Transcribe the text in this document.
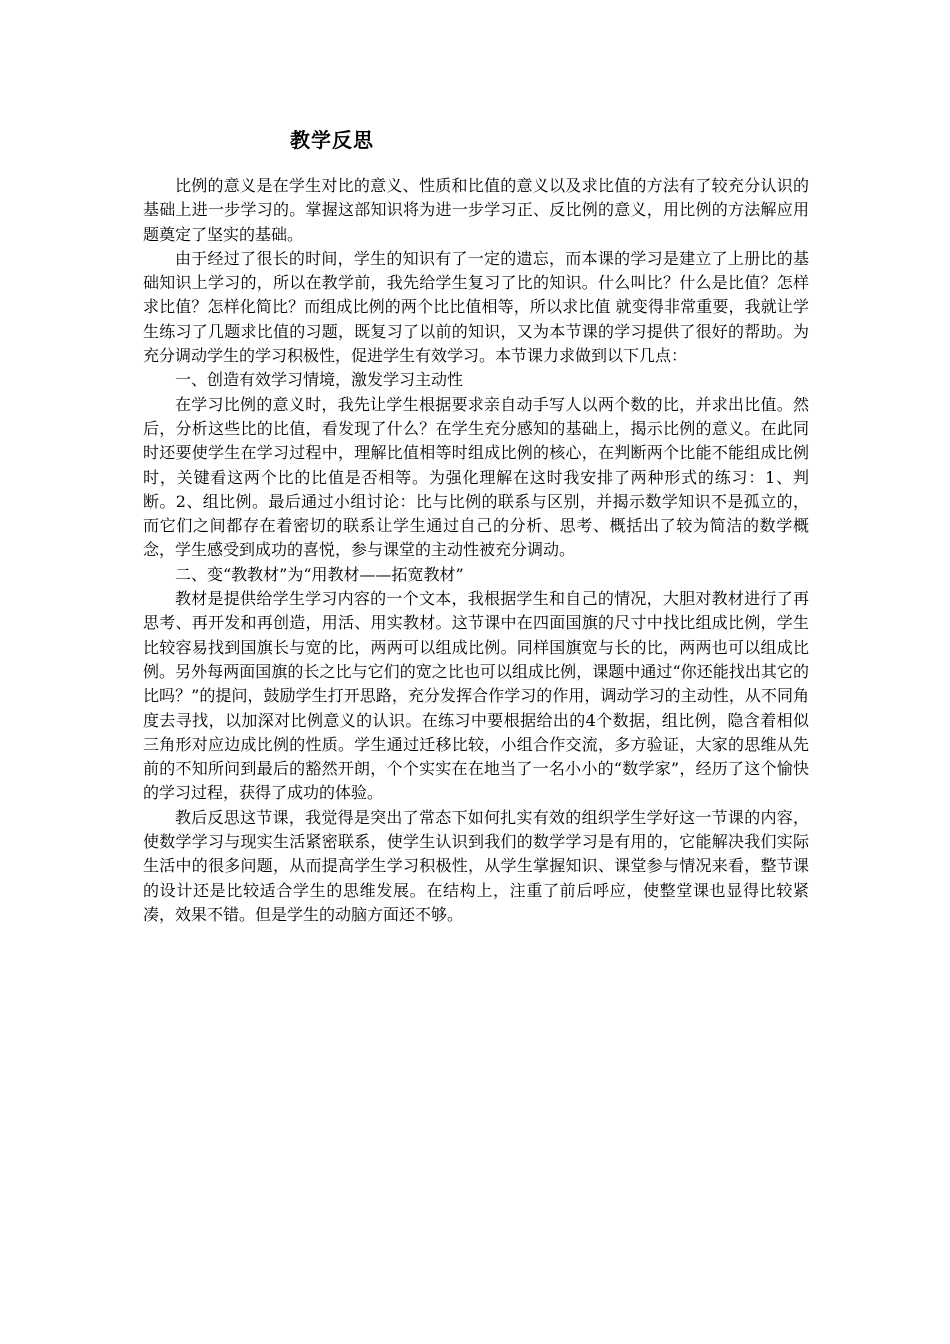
教学反思

比例的意义是在学生对比的意义、性质和比值的意义以及求比值的方法有了较充分认识的基础上进一步学习的。掌握这部知识将为进一步学习正、反比例的意义，用比例的方法解应用题奠定了坚实的基础。

由于经过了很长的时间，学生的知识有了一定的遗忘，而本课的学习是建立了上册比的基础知识上学习的，所以在教学前，我先给学生复习了比的知识。什么叫比？什么是比值？怎样求比值？怎样化简比？而组成比例的两个比比值相等，所以求比值 就变得非常重要，我就让学生练习了几题求比值的习题，既复习了以前的知识，又为本节课的学习提供了很好的帮助。为充分调动学生的学习积极性，促进学生有效学习。本节课力求做到以下几点：

一、创造有效学习情境，激发学习主动性

在学习比例的意义时，我先让学生根据要求亲自动手写人以两个数的比，并求出比值。然后，分析这些比的比值，看发现了什么？在学生充分感知的基础上，揭示比例的意义。在此同时还要使学生在学习过程中，理解比值相等时组成比例的核心，在判断两个比能不能组成比例时，关键看这两个比的比值是否相等。为强化理解在这时我安排了两种形式的练习：1、判断。2、组比例。最后通过小组讨论：比与比例的联系与区别，并揭示数学知识不是孤立的，而它们之间都存在着密切的联系让学生通过自己的分析、思考、概括出了较为简洁的数学概念，学生感受到成功的喜悦，参与课堂的主动性被充分调动。

二、变“教教材”为“用教材——拓宽教材”

教材是提供给学生学习内容的一个文本，我根据学生和自己的情况，大胆对教材进行了再思考、再开发和再创造，用活、用实教材。这节课中在四面国旗的尺寸中找比组成比例，学生比较容易找到国旗长与宽的比，两两可以组成比例。同样国旗宽与长的比，两两也可以组成比例。另外每两面国旗的长之比与它们的宽之比也可以组成比例，课题中通过“你还能找出其它的比吗？”的提问，鼓励学生打开思路，充分发挥合作学习的作用，调动学习的主动性，从不同角度去寻找，以加深对比例意义的认识。在练习中要根据给出的4个数据，组比例，隐含着相似三角形对应边成比例的性质。学生通过迁移比较，小组合作交流，多方验证，大家的思维从先前的不知所问到最后的豁然开朗，个个实实在在地当了一名小小的“数学家”，经历了这个愉快的学习过程，获得了成功的体验。

教后反思这节课，我觉得是突出了常态下如何扎实有效的组织学生学好这一节课的内容，使数学学习与现实生活紧密联系，使学生认识到我们的数学学习是有用的，它能解决我们实际生活中的很多问题，从而提高学生学习积极性，从学生掌握知识、课堂参与情况来看，整节课的设计还是比较适合学生的思维发展。在结构上，注重了前后呼应，使整堂课也显得比较紧凑，效果不错。但是学生的动脑方面还不够。
